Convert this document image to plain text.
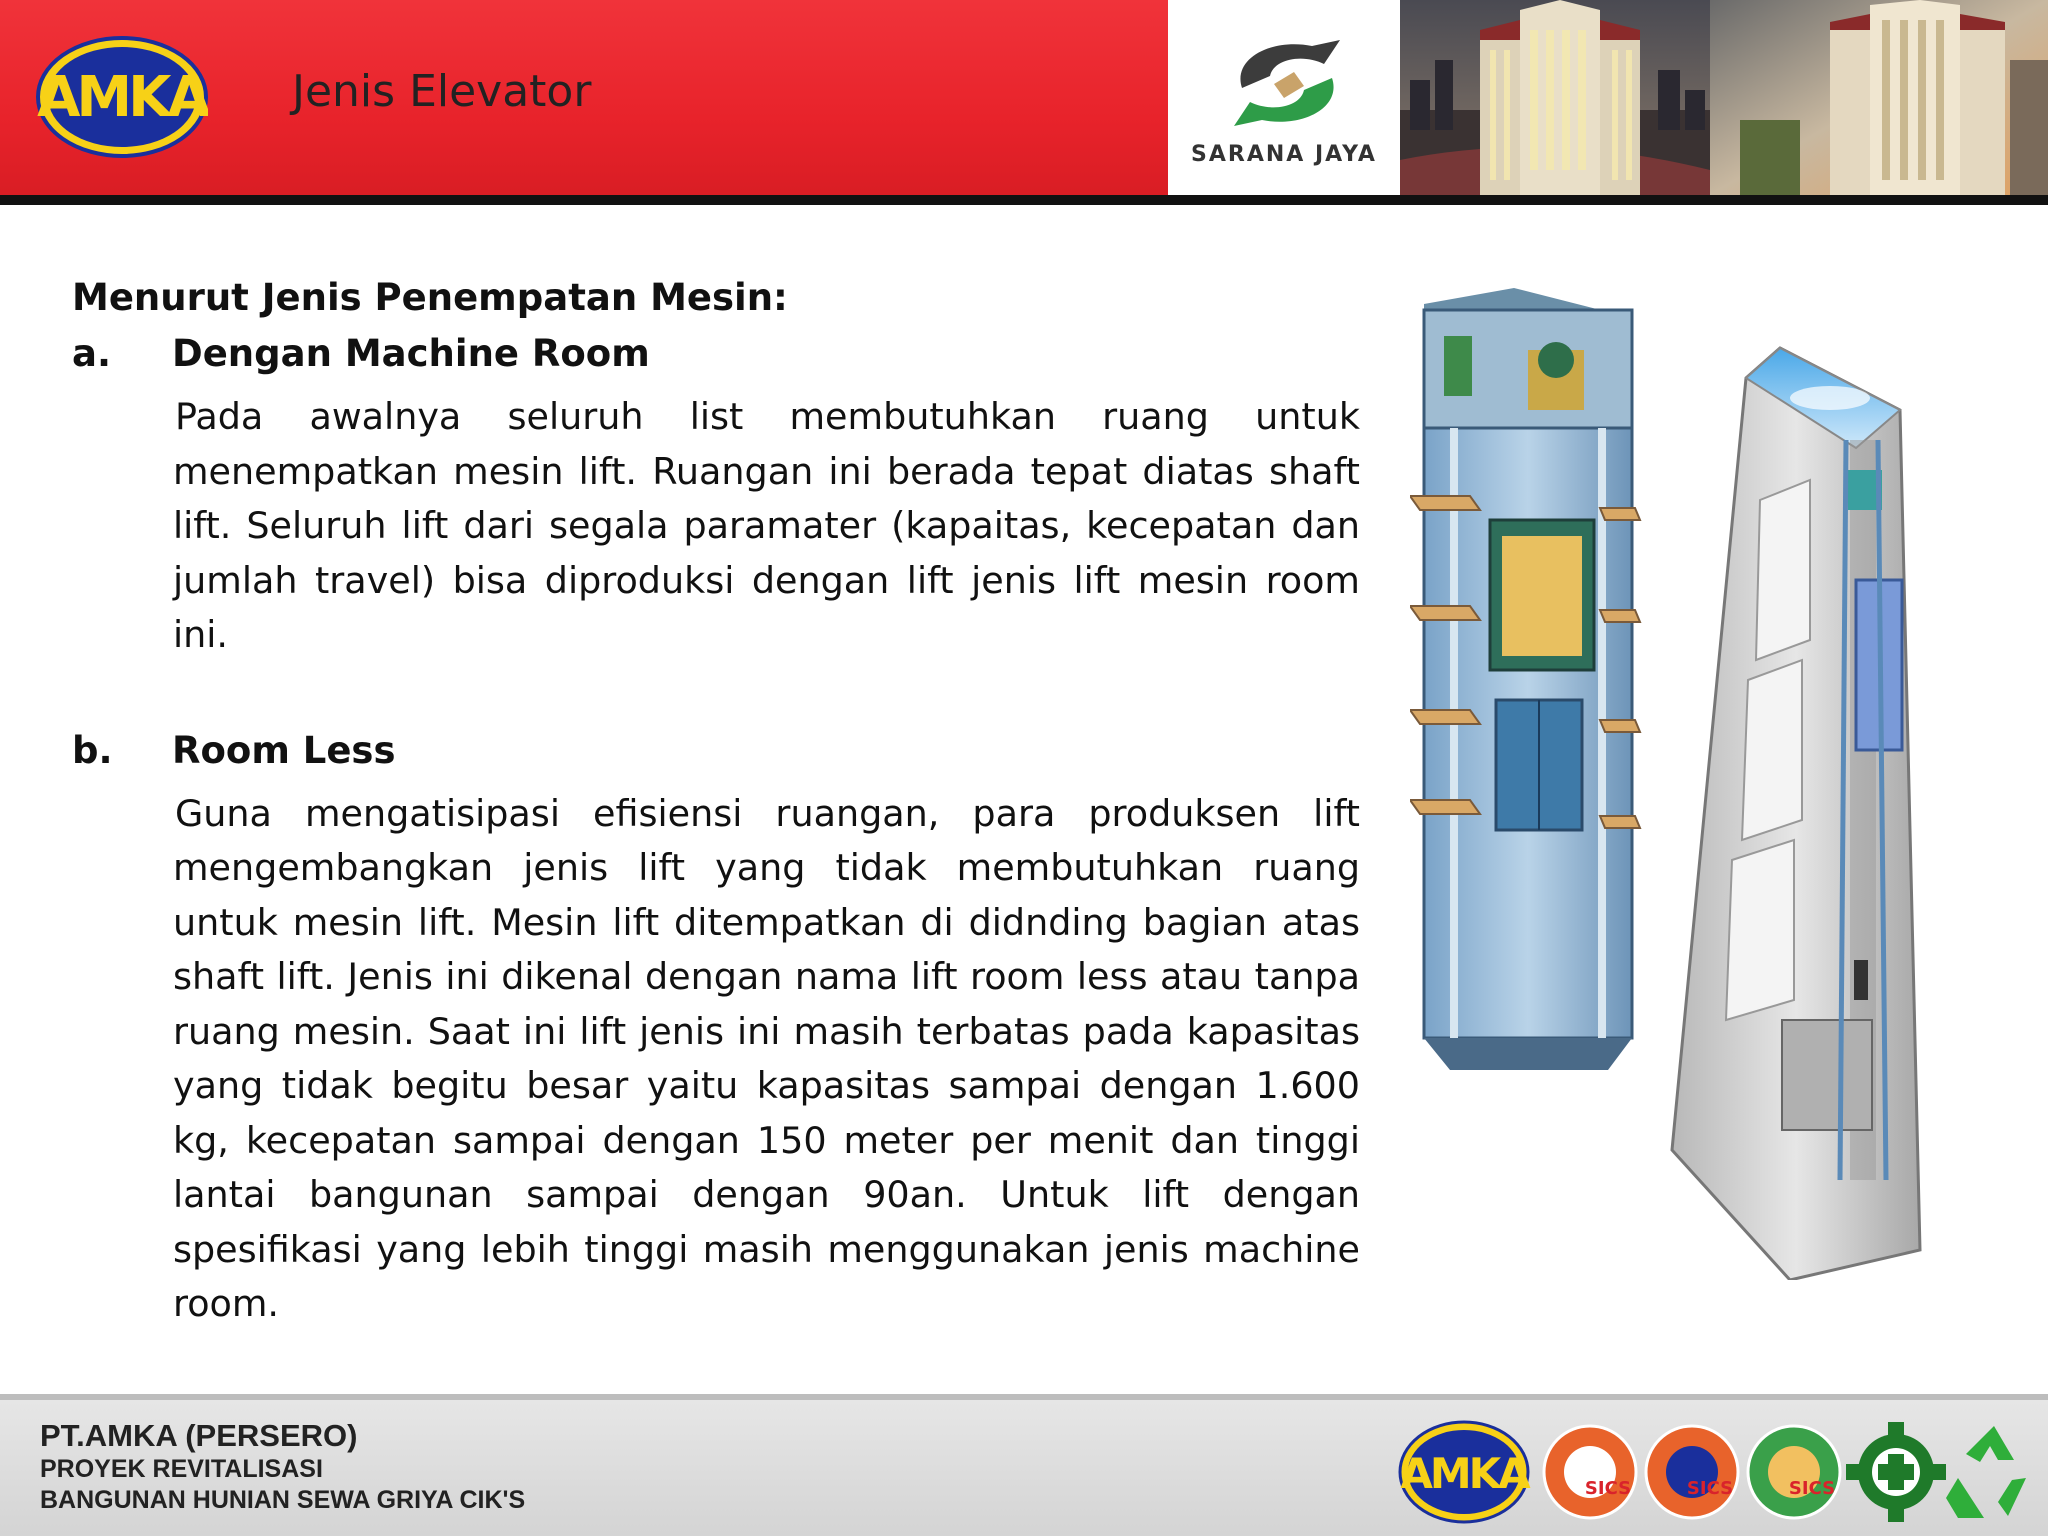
AMKA Jenis Elevator
SARANA JAYA
Menurut Jenis Penempatan Mesin:
a.	Dengan Machine Room

Pada awalnya seluruh list membutuhkan ruang untuk menempatkan mesin lift. Ruangan ini berada tepat diatas shaft lift. Seluruh lift dari segala paramater (kapaitas, kecepatan dan jumlah travel) bisa diproduksi dengan lift jenis lift mesin room ini.

b.	Room Less

Guna mengatisipasi efisiensi ruangan, para produksen lift mengembangkan jenis lift yang tidak membutuhkan ruang untuk mesin lift. Mesin lift ditempatkan di didnding bagian atas shaft lift. Jenis ini dikenal dengan nama lift room less atau tanpa ruang mesin. Saat ini lift jenis ini masih terbatas pada kapasitas yang tidak begitu besar yaitu kapasitas sampai dengan 1.600 kg, kecepatan sampai dengan 150 meter per menit dan tinggi lantai bangunan sampai dengan 90an. Untuk lift dengan spesifikasi yang lebih tinggi masih menggunakan jenis machine room.

PT.AMKA (PERSERO)
PROYEK REVITALISASI
BANGUNAN HUNIAN SEWA GRIYA CIK'S
AMKA	SICS	SICS	SICS
